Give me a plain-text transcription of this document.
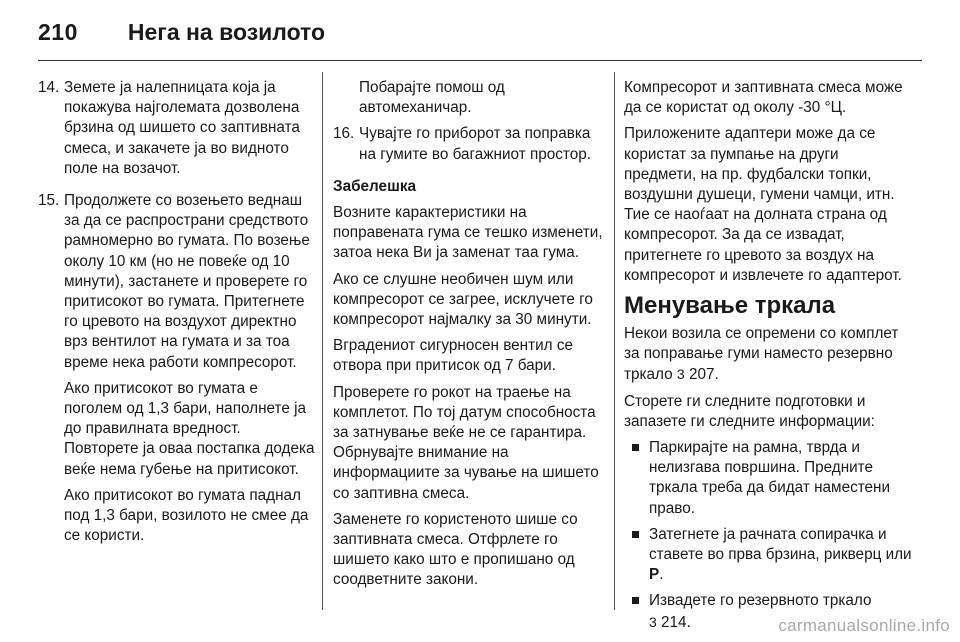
210 Нега на возилото
14. Земете ја налепницата која ја покажува најголемата дозволена брзина од шишето со заптивната смеса, и закачете ја во видното поле на возачот.

15. Продолжете со возењето веднаш за да се распространи средството рамномерно во гумата. По возење околу 10 км (но не повеќе од 10 минути), застанете и проверете го притисокот во гумата. Притегнете го цревото на воздухот директно врз вентилот на гумата и за тоа време нека работи компресорот.

Ако притисокот во гумата е поголем од 1,3 бари, наполнете ја до правилната вредност. Повторете ја оваа постапка додека веќе нема губење на притисокот.

Ако притисокот во гумата паднал под 1,3 бари, возилото не смее да се користи.

Побарајте помош од автомеханичар.
16. Чувајте го приборот за поправка на гумите во багажниот простор.

Забелешка

Возните карактеристики на поправената гума се тешко изменети, затоа нека Ви ја заменат таа гума.

Ако се слушне необичен шум или компресорот се загрее, исклучете го компресорот најмалку за 30 минути.

Вградениот сигурносен вентил се отвора при притисок од 7 бари.

Проверете го рокот на траење на комплетот. По тој датум способноста за затнување веќе не се гарантира. Обрнувајте внимание на информациите за чување на шишето со заптивна смеса.

Заменете го користеното шише со заптивната смеса. Отфрлете го шишето како што е пропишано од соодветните закони.

Компресорот и заптивната смеса може да се користат од околу -30 °Ц.

Приложените адаптери може да се користат за пумпање на други предмети, на пр. фудбалски топки, воздушни душеци, гумени чамци, итн. Тие се наоѓаат на долната страна од компресорот. За да се извадат, притегнете го цревото за воздух на компресорот и извлечете го адаптерот.

Менување тркала

Некои возила се опремени со комплет за поправање гуми наместо резервно тркало 3 207.

Сторете ги следните подготовки и запазете ги следните информации:

Паркирајте на рамна, тврда и нелизгава површина. Предните тркала треба да бидат наместени право.
Затегнете ја рачната сопирачка и ставете во прва брзина, рикверц или P.
Извадете го резервното тркало
3 214.	carmanualsonline.info
